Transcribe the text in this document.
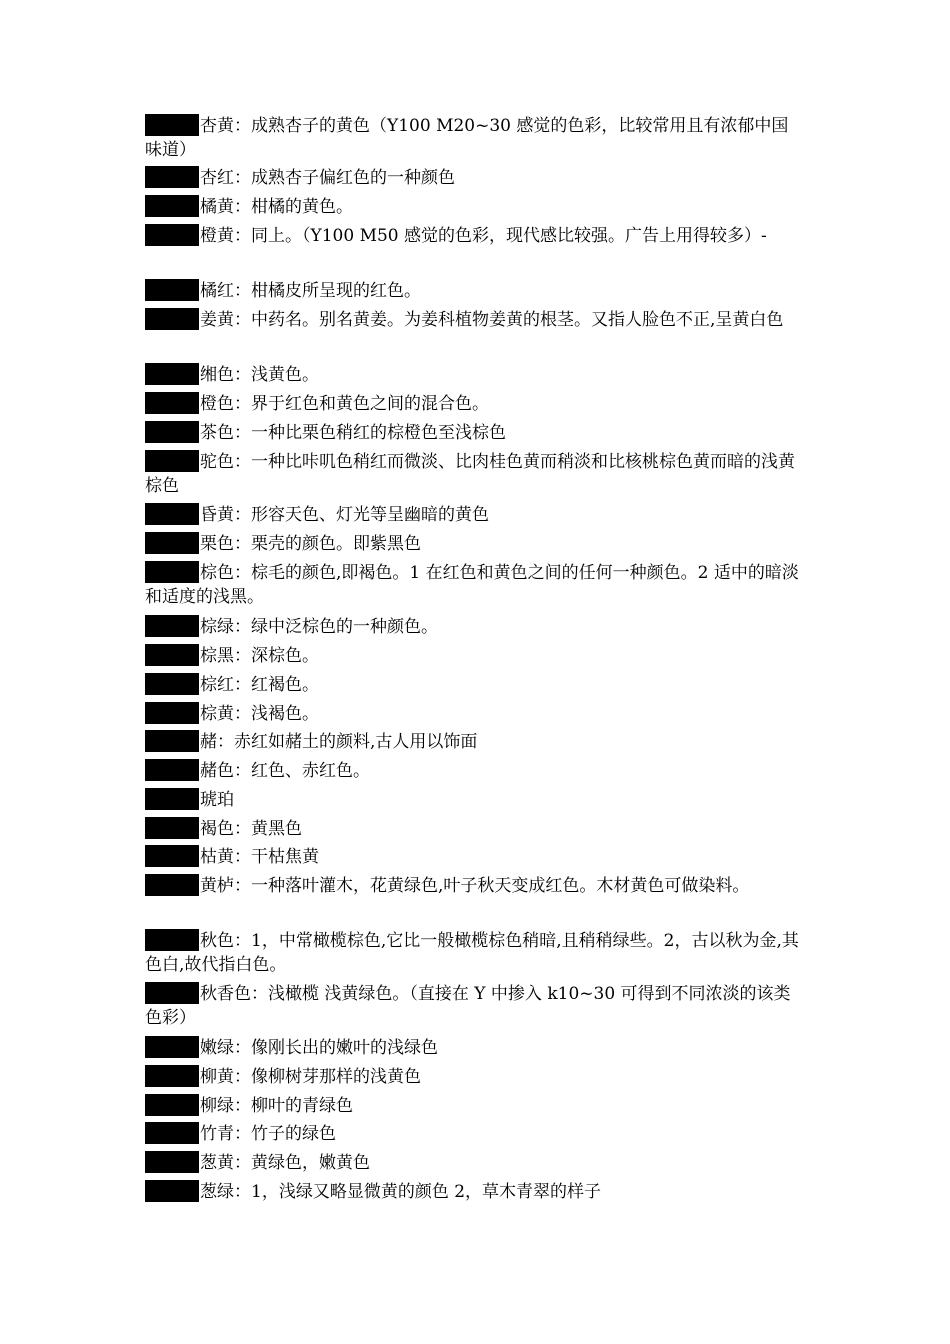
杏黄：成熟杏子的黄色（Y100 M20~30 感觉的色彩，比较常用且有浓郁中国味道）
杏红：成熟杏子偏红色的一种颜色
橘黄：柑橘的黄色。
橙黄：同上。（Y100 M50 感觉的色彩，现代感比较强。广告上用得较多）-
橘红：柑橘皮所呈现的红色。
姜黄：中药名。别名黄姜。为姜科植物姜黄的根茎。又指人脸色不正,呈黄白色
缃色：浅黄色。
橙色：界于红色和黄色之间的混合色。
茶色：一种比栗色稍红的棕橙色至浅棕色
驼色：一种比咔叽色稍红而微淡、比肉桂色黄而稍淡和比核桃棕色黄而暗的浅黄棕色
昏黄：形容天色、灯光等呈幽暗的黄色
栗色：栗壳的颜色。即紫黑色
棕色：棕毛的颜色,即褐色。1 在红色和黄色之间的任何一种颜色。2 适中的暗淡和适度的浅黑。
棕绿：绿中泛棕色的一种颜色。
棕黑：深棕色。
棕红：红褐色。
棕黄：浅褐色。
赭：赤红如赭土的颜料,古人用以饰面
赭色：红色、赤红色。
琥珀
褐色：黄黑色
枯黄：干枯焦黄
黄栌：一种落叶灌木，花黄绿色,叶子秋天变成红色。木材黄色可做染料。
秋色：1，中常橄榄棕色,它比一般橄榄棕色稍暗,且稍稍绿些。2，古以秋为金,其色白,故代指白色。
秋香色：浅橄榄 浅黄绿色。（直接在 Y 中掺入 k10~30 可得到不同浓淡的该类色彩）
嫩绿：像刚长出的嫩叶的浅绿色
柳黄：像柳树芽那样的浅黄色
柳绿：柳叶的青绿色
竹青：竹子的绿色
葱黄：黄绿色，嫩黄色
葱绿：1，浅绿又略显微黄的颜色 2，草木青翠的样子
